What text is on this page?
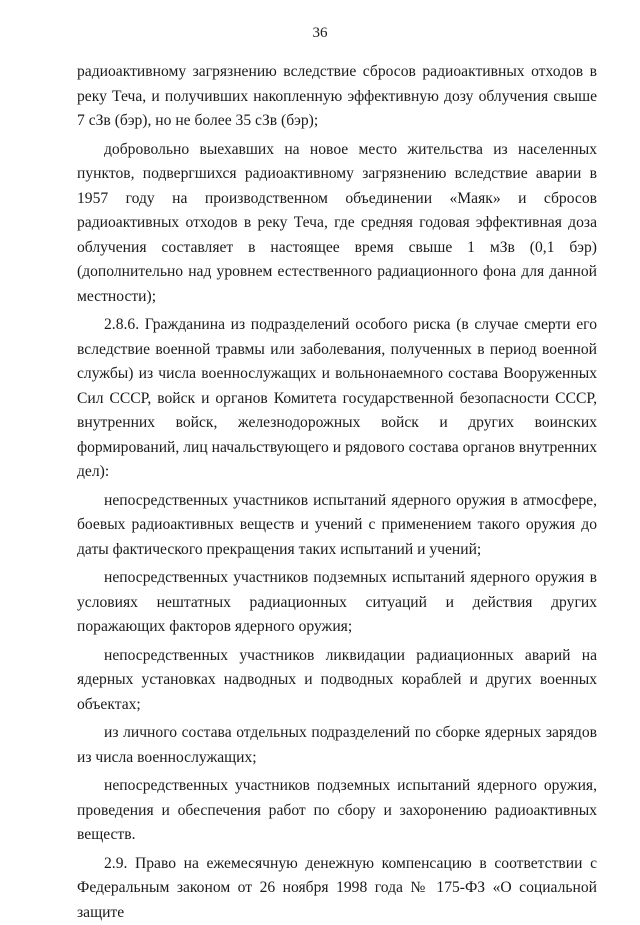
36

радиоактивному загрязнению вследствие сбросов радиоактивных отходов в реку Теча, и получивших накопленную эффективную дозу облучения свыше 7 сЗв (бэр), но не более 35 сЗв (бэр);

добровольно выехавших на новое место жительства из населенных пунктов, подвергшихся радиоактивному загрязнению вследствие аварии в 1957 году на производственном объединении «Маяк» и сбросов радиоактивных отходов в реку Теча, где средняя годовая эффективная доза облучения составляет в настоящее время свыше 1 мЗв (0,1 бэр) (дополнительно над уровнем естественного радиационного фона для данной местности);

2.8.6. Гражданина из подразделений особого риска (в случае смерти его вследствие военной травмы или заболевания, полученных в период военной службы) из числа военнослужащих и вольнонаемного состава Вооруженных Сил СССР, войск и органов Комитета государственной безопасности СССР, внутренних войск, железнодорожных войск и других воинских формирований, лиц начальствующего и рядового состава органов внутренних дел):

непосредственных участников испытаний ядерного оружия в атмосфере, боевых радиоактивных веществ и учений с применением такого оружия до даты фактического прекращения таких испытаний и учений;

непосредственных участников подземных испытаний ядерного оружия в условиях нештатных радиационных ситуаций и действия других поражающих факторов ядерного оружия;

непосредственных участников ликвидации радиационных аварий на ядерных установках надводных и подводных кораблей и других военных объектах;

из личного состава отдельных подразделений по сборке ядерных зарядов из числа военнослужащих;

непосредственных участников подземных испытаний ядерного оружия, проведения и обеспечения работ по сбору и захоронению радиоактивных веществ.

2.9. Право на ежемесячную денежную компенсацию в соответствии с Федеральным законом от 26 ноября 1998 года № 175-ФЗ «О социальной защите
